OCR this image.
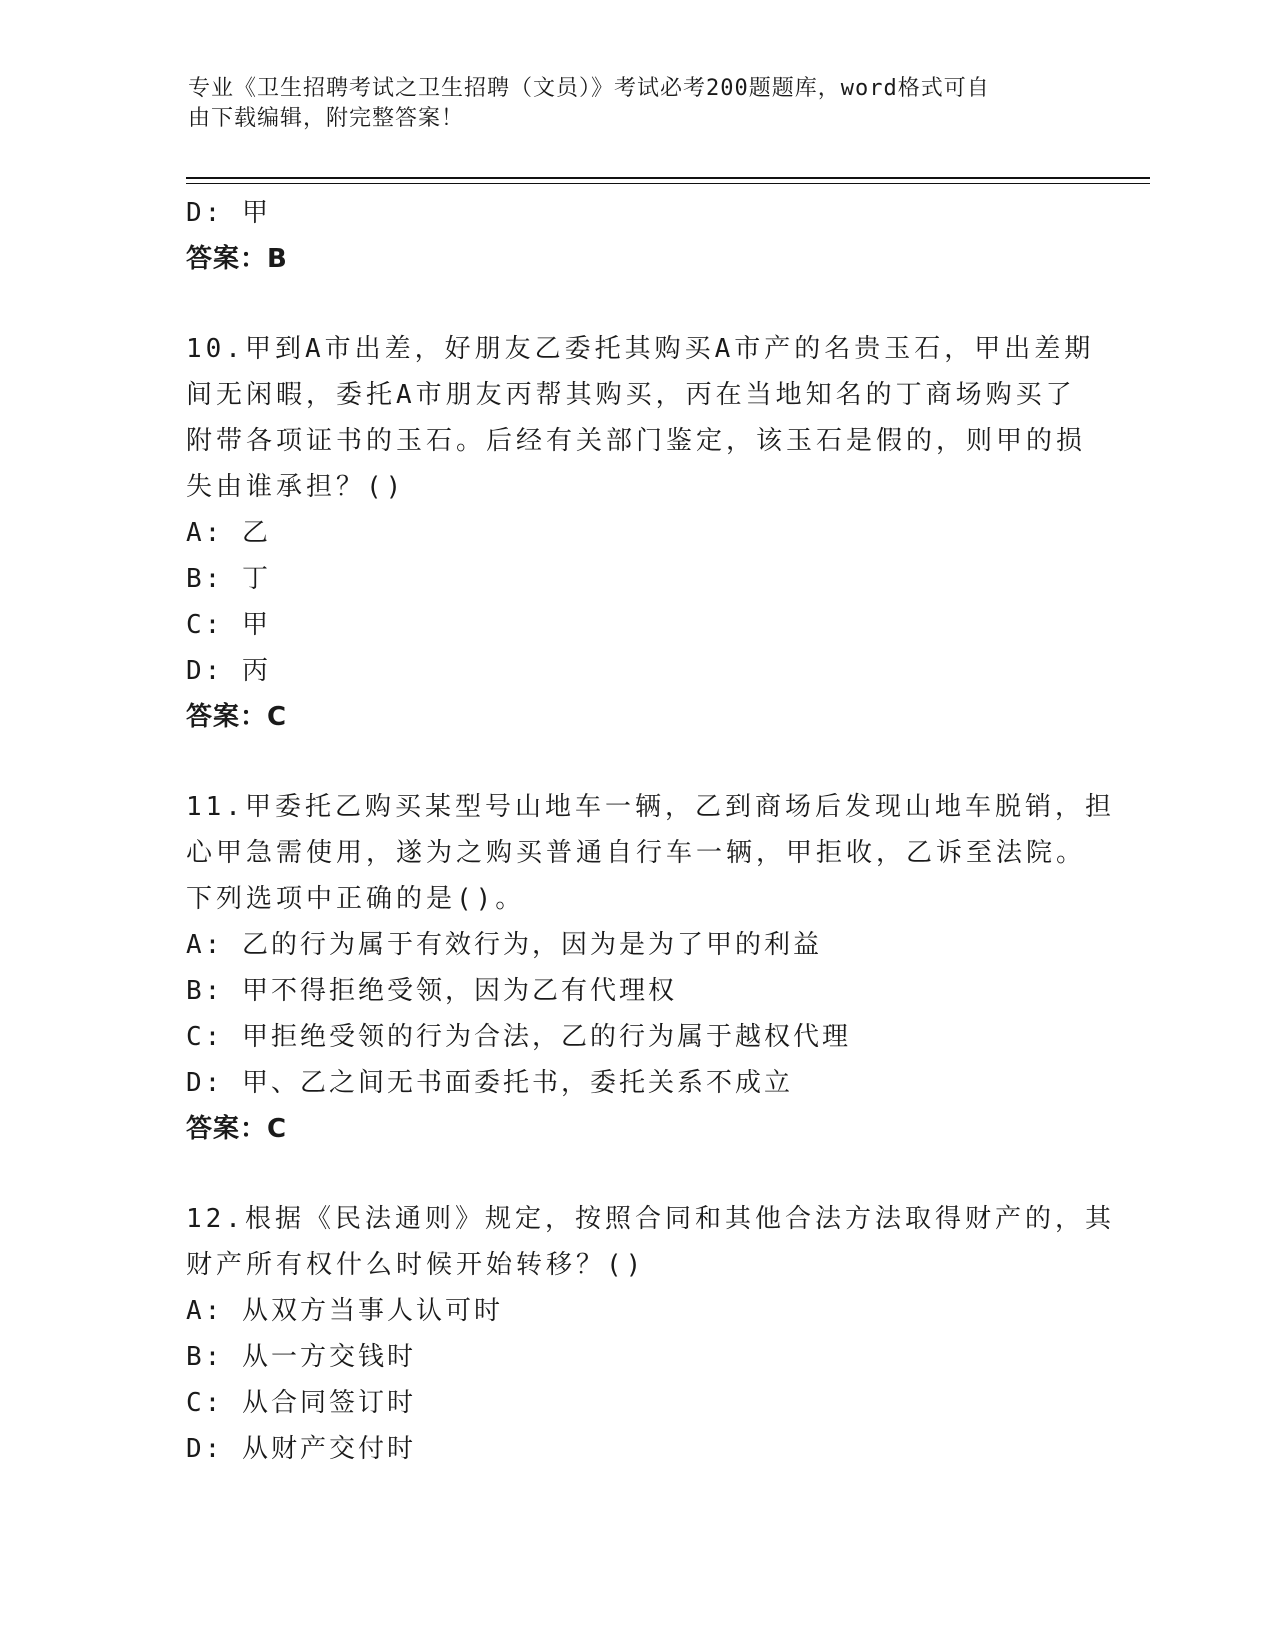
专业《卫生招聘考试之卫生招聘（文员）》考试必考200题题库，word格式可自
由下载编辑，附完整答案！
D: 甲
答案：B
10.甲到A市出差，好朋友乙委托其购买A市产的名贵玉石，甲出差期
间无闲暇，委托A市朋友丙帮其购买，丙在当地知名的丁商场购买了
附带各项证书的玉石。后经有关部门鉴定，该玉石是假的，则甲的损
失由谁承担？()
A: 乙
B: 丁
C: 甲
D: 丙
答案：C
11.甲委托乙购买某型号山地车一辆，乙到商场后发现山地车脱销，担
心甲急需使用，遂为之购买普通自行车一辆，甲拒收，乙诉至法院。
下列选项中正确的是()。
A: 乙的行为属于有效行为，因为是为了甲的利益
B: 甲不得拒绝受领，因为乙有代理权
C: 甲拒绝受领的行为合法，乙的行为属于越权代理
D: 甲、乙之间无书面委托书，委托关系不成立
答案：C
12.根据《民法通则》规定，按照合同和其他合法方法取得财产的，其
财产所有权什么时候开始转移？()
A: 从双方当事人认可时
B: 从一方交钱时
C: 从合同签订时
D: 从财产交付时
